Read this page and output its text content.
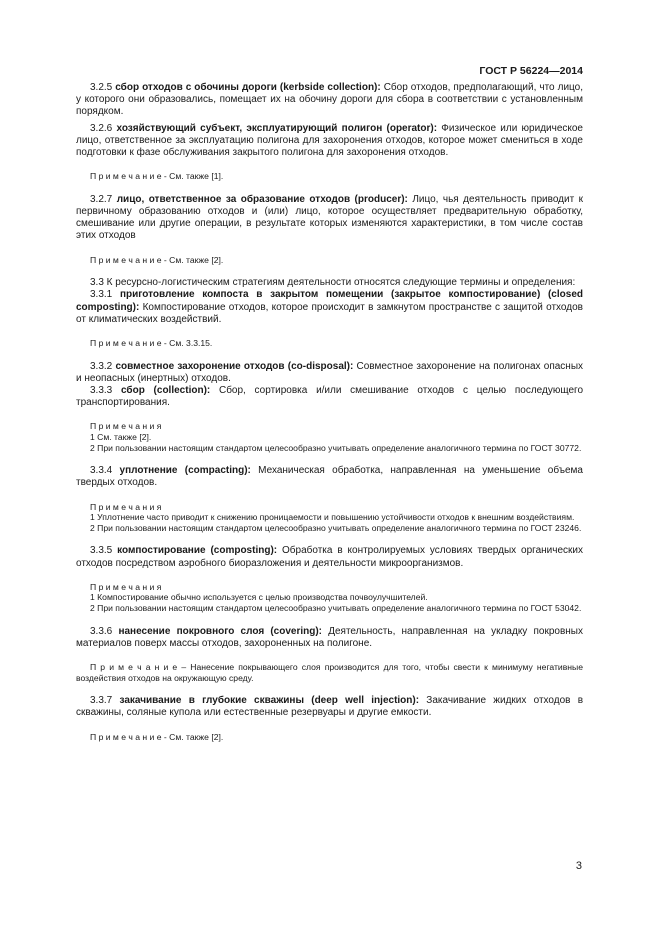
ГОСТ Р 56224—2014

3.2.5 сбор отходов с обочины дороги (kerbside collection): Сбор отходов, предполагающий, что лицо, у которого они образовались, помещает их на обочину дороги для сбора в соответствии с установленным порядком.

3.2.6 хозяйствующий субъект, эксплуатирующий полигон (operator): Физическое или юридическое лицо, ответственное за эксплуатацию полигона для захоронения отходов, которое может смениться в ходе подготовки к фазе обслуживания закрытого полигона для захоронения отходов.

П р и м е ч а н и е - См. также [1].

3.2.7 лицо, ответственное за образование отходов (producer): Лицо, чья деятельность приводит к первичному образованию отходов и (или) лицо, которое осуществляет предварительную обработку, смешивание или другие операции, в результате которых изменяются характеристики, в том числе состав этих отходов

П р и м е ч а н и е - См. также [2].

3.3 К ресурсно-логистическим стратегиям деятельности относятся следующие термины и определения:

3.3.1 приготовление компоста в закрытом помещении (закрытое компостирование) (closed composting): Компостирование отходов, которое происходит в замкнутом пространстве с защитой отходов от климатических воздействий.

П р и м е ч а н и е - См. 3.3.15.

3.3.2 совместное захоронение отходов (co-disposal): Совместное захоронение на полигонах опасных и неопасных (инертных) отходов.

3.3.3 сбор (collection): Сбор, сортировка и/или смешивание отходов с целью последующего транспортирования.

П р и м е ч а н и я

1 См. также [2].

2 При пользовании настоящим стандартом целесообразно учитывать определение аналогичного термина по ГОСТ 30772.

3.3.4 уплотнение (compacting): Механическая обработка, направленная на уменьшение объема твердых отходов.

П р и м е ч а н и я

1 Уплотнение часто приводит к снижению проницаемости и повышению устойчивости отходов к внешним воздействиям.

2 При пользовании настоящим стандартом целесообразно учитывать определение аналогичного термина по ГОСТ 23246.

3.3.5 компостирование (composting): Обработка в контролируемых условиях твердых органических отходов посредством аэробного биоразложения и деятельности микроорганизмов.

П р и м е ч а н и я

1 Компостирование обычно используется с целью производства почвоулучшителей.

2 При пользовании настоящим стандартом целесообразно учитывать определение аналогичного термина по ГОСТ 53042.

3.3.6 нанесение покровного слоя (covering): Деятельность, направленная на укладку покровных материалов поверх массы отходов, захороненных на полигоне.

П р и м е ч а н и е – Нанесение покрывающего слоя производится для того, чтобы свести к минимуму негативные воздействия отходов на окружающую среду.

3.3.7 закачивание в глубокие скважины (deep well injection): Закачивание жидких отходов в скважины, соляные купола или естественные резервуары и другие емкости.

П р и м е ч а н и е - См. также [2].

3
